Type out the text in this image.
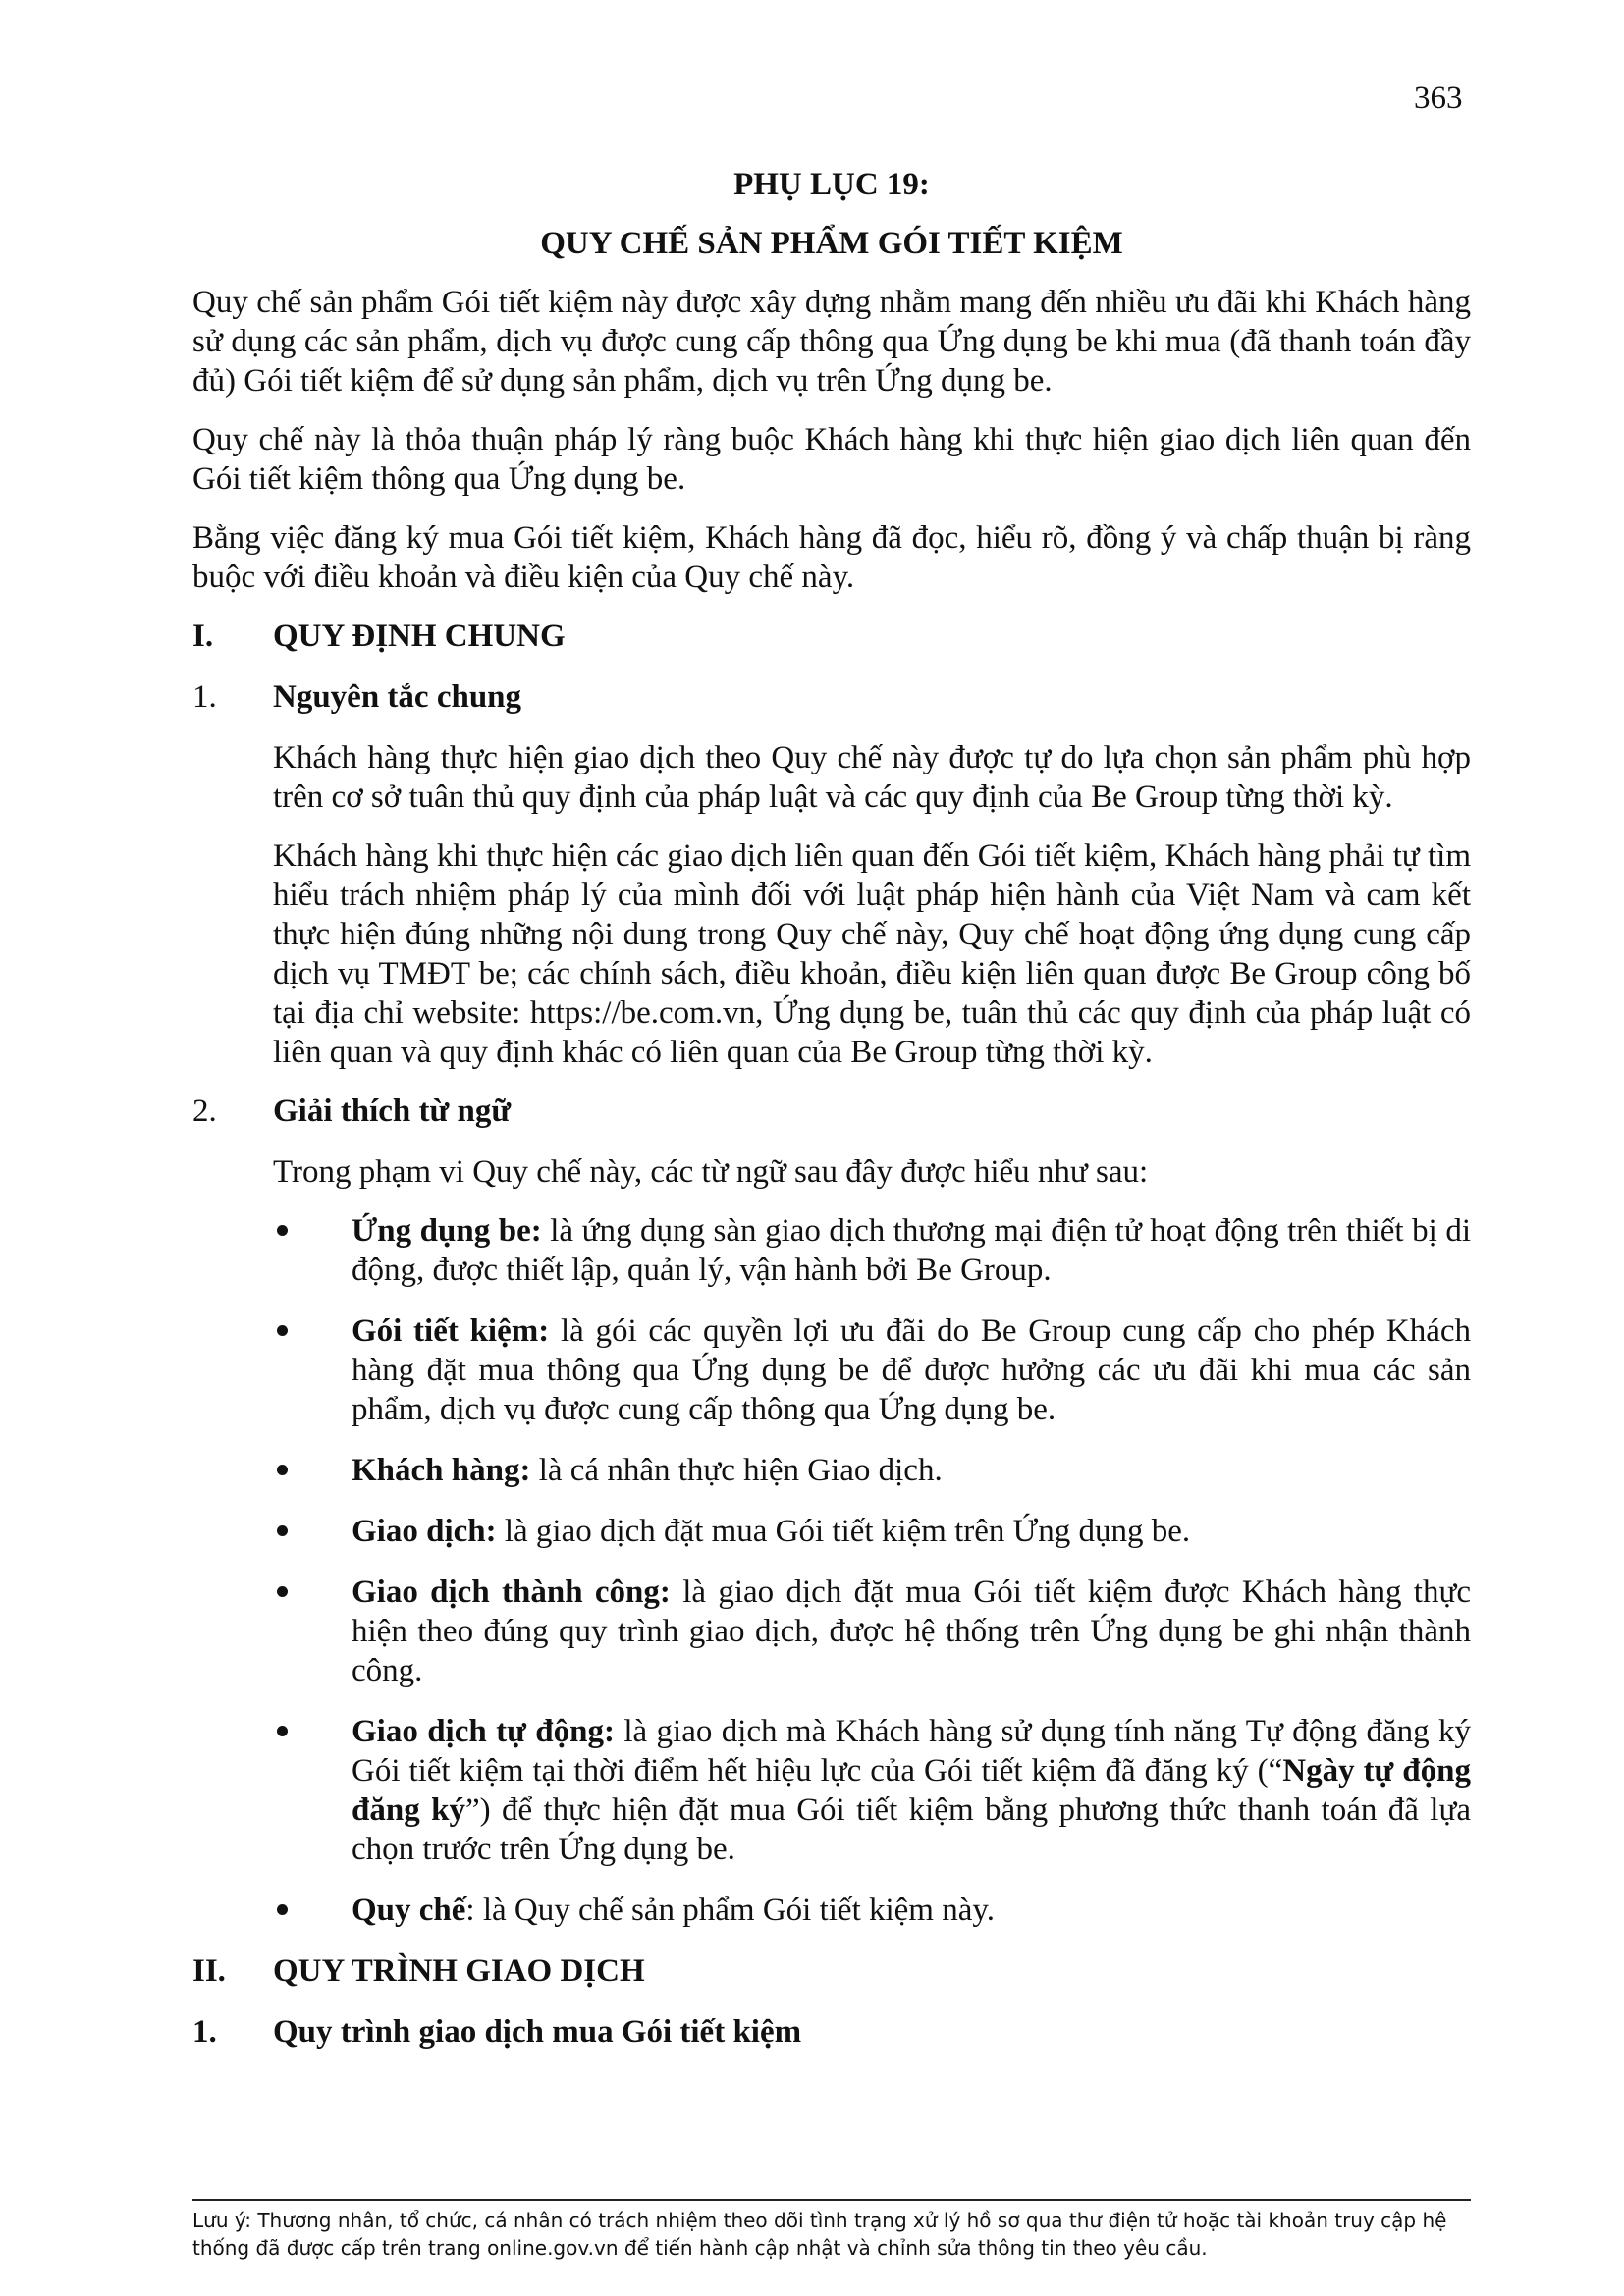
363

PHỤ LỤC 19:

QUY CHẾ SẢN PHẨM GÓI TIẾT KIỆM

Quy chế sản phẩm Gói tiết kiệm này được xây dựng nhằm mang đến nhiều ưu đãi khi Khách hàng sử dụng các sản phẩm, dịch vụ được cung cấp thông qua Ứng dụng be khi mua (đã thanh toán đầy đủ) Gói tiết kiệm để sử dụng sản phẩm, dịch vụ trên Ứng dụng be.

Quy chế này là thỏa thuận pháp lý ràng buộc Khách hàng khi thực hiện giao dịch liên quan đến Gói tiết kiệm thông qua Ứng dụng be.

Bằng việc đăng ký mua Gói tiết kiệm, Khách hàng đã đọc, hiểu rõ, đồng ý và chấp thuận bị ràng buộc với điều khoản và điều kiện của Quy chế này.

I.	QUY ĐỊNH CHUNG
1.	Nguyên tắc chung

Khách hàng thực hiện giao dịch theo Quy chế này được tự do lựa chọn sản phẩm phù hợp trên cơ sở tuân thủ quy định của pháp luật và các quy định của Be Group từng thời kỳ.

Khách hàng khi thực hiện các giao dịch liên quan đến Gói tiết kiệm, Khách hàng phải tự tìm hiểu trách nhiệm pháp lý của mình đối với luật pháp hiện hành của Việt Nam và cam kết thực hiện đúng những nội dung trong Quy chế này, Quy chế hoạt động ứng dụng cung cấp dịch vụ TMĐT be; các chính sách, điều khoản, điều kiện liên quan được Be Group công bố tại địa chỉ website: https://be.com.vn, Ứng dụng be, tuân thủ các quy định của pháp luật có liên quan và quy định khác có liên quan của Be Group từng thời kỳ.

2.	Giải thích từ ngữ

Trong phạm vi Quy chế này, các từ ngữ sau đây được hiểu như sau:

Ứng dụng be: là ứng dụng sàn giao dịch thương mại điện tử hoạt động trên thiết bị di động, được thiết lập, quản lý, vận hành bởi Be Group.
Gói tiết kiệm: là gói các quyền lợi ưu đãi do Be Group cung cấp cho phép Khách hàng đặt mua thông qua Ứng dụng be để được hưởng các ưu đãi khi mua các sản phẩm, dịch vụ được cung cấp thông qua Ứng dụng be.
Khách hàng: là cá nhân thực hiện Giao dịch.
Giao dịch: là giao dịch đặt mua Gói tiết kiệm trên Ứng dụng be.
Giao dịch thành công: là giao dịch đặt mua Gói tiết kiệm được Khách hàng thực hiện theo đúng quy trình giao dịch, được hệ thống trên Ứng dụng be ghi nhận thành công.
Giao dịch tự động: là giao dịch mà Khách hàng sử dụng tính năng Tự động đăng ký Gói tiết kiệm tại thời điểm hết hiệu lực của Gói tiết kiệm đã đăng ký (“Ngày tự động đăng ký”) để thực hiện đặt mua Gói tiết kiệm bằng phương thức thanh toán đã lựa chọn trước trên Ứng dụng be.
Quy chế: là Quy chế sản phẩm Gói tiết kiệm này.
II.	QUY TRÌNH GIAO DỊCH
1.	Quy trình giao dịch mua Gói tiết kiệm
Lưu ý: Thương nhân, tổ chức, cá nhân có trách nhiệm theo dõi tình trạng xử lý hồ sơ qua thư điện tử hoặc tài khoản truy cập hệ thống đã được cấp trên trang online.gov.vn để tiến hành cập nhật và chỉnh sửa thông tin theo yêu cầu.
